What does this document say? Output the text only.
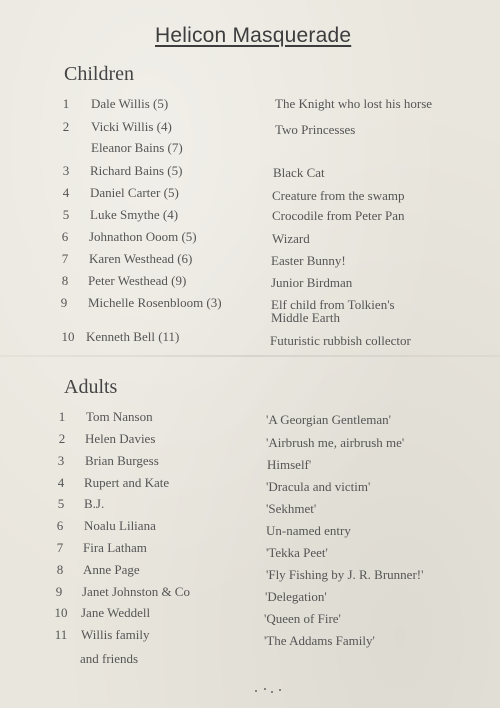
Helicon Masquerade
Children
1	Dale Willis (5)	The Knight who lost his horse
2	Vicki Willis (4)	Two Princesses
Eleanor Bains (7)
3	Richard Bains (5)	Black Cat
4	Daniel Carter (5)	Creature from the swamp
5	Luke Smythe (4)	Crocodile from Peter Pan
6	Johnathon Ooom (5)	Wizard
7	Karen Westhead (6)	Easter Bunny!
8	Peter Westhead (9)	Junior Birdman
9	Michelle Rosenbloom (3)	Elf child from Tolkien's
Middle Earth
10 Kenneth Bell (11)	Futuristic rubbish collector
Adults
1	Tom Nanson	'A Georgian Gentleman'
2	Helen Davies	'Airbrush me, airbrush me'
3	Brian Burgess	Himself'
4	Rupert and Kate	'Dracula and victim'
5	B.J.	'Sekhmet'
6	Noalu Liliana	Un-named entry
7	Fira Latham	'Tekka Peet'
8	Anne Page	'Fly Fishing by J. R. Brunner!'
9	Janet Johnston & Co	'Delegation'
10 Jane Weddell	'Queen of Fire'
11 Willis family	'The Addams Family'
and friends
